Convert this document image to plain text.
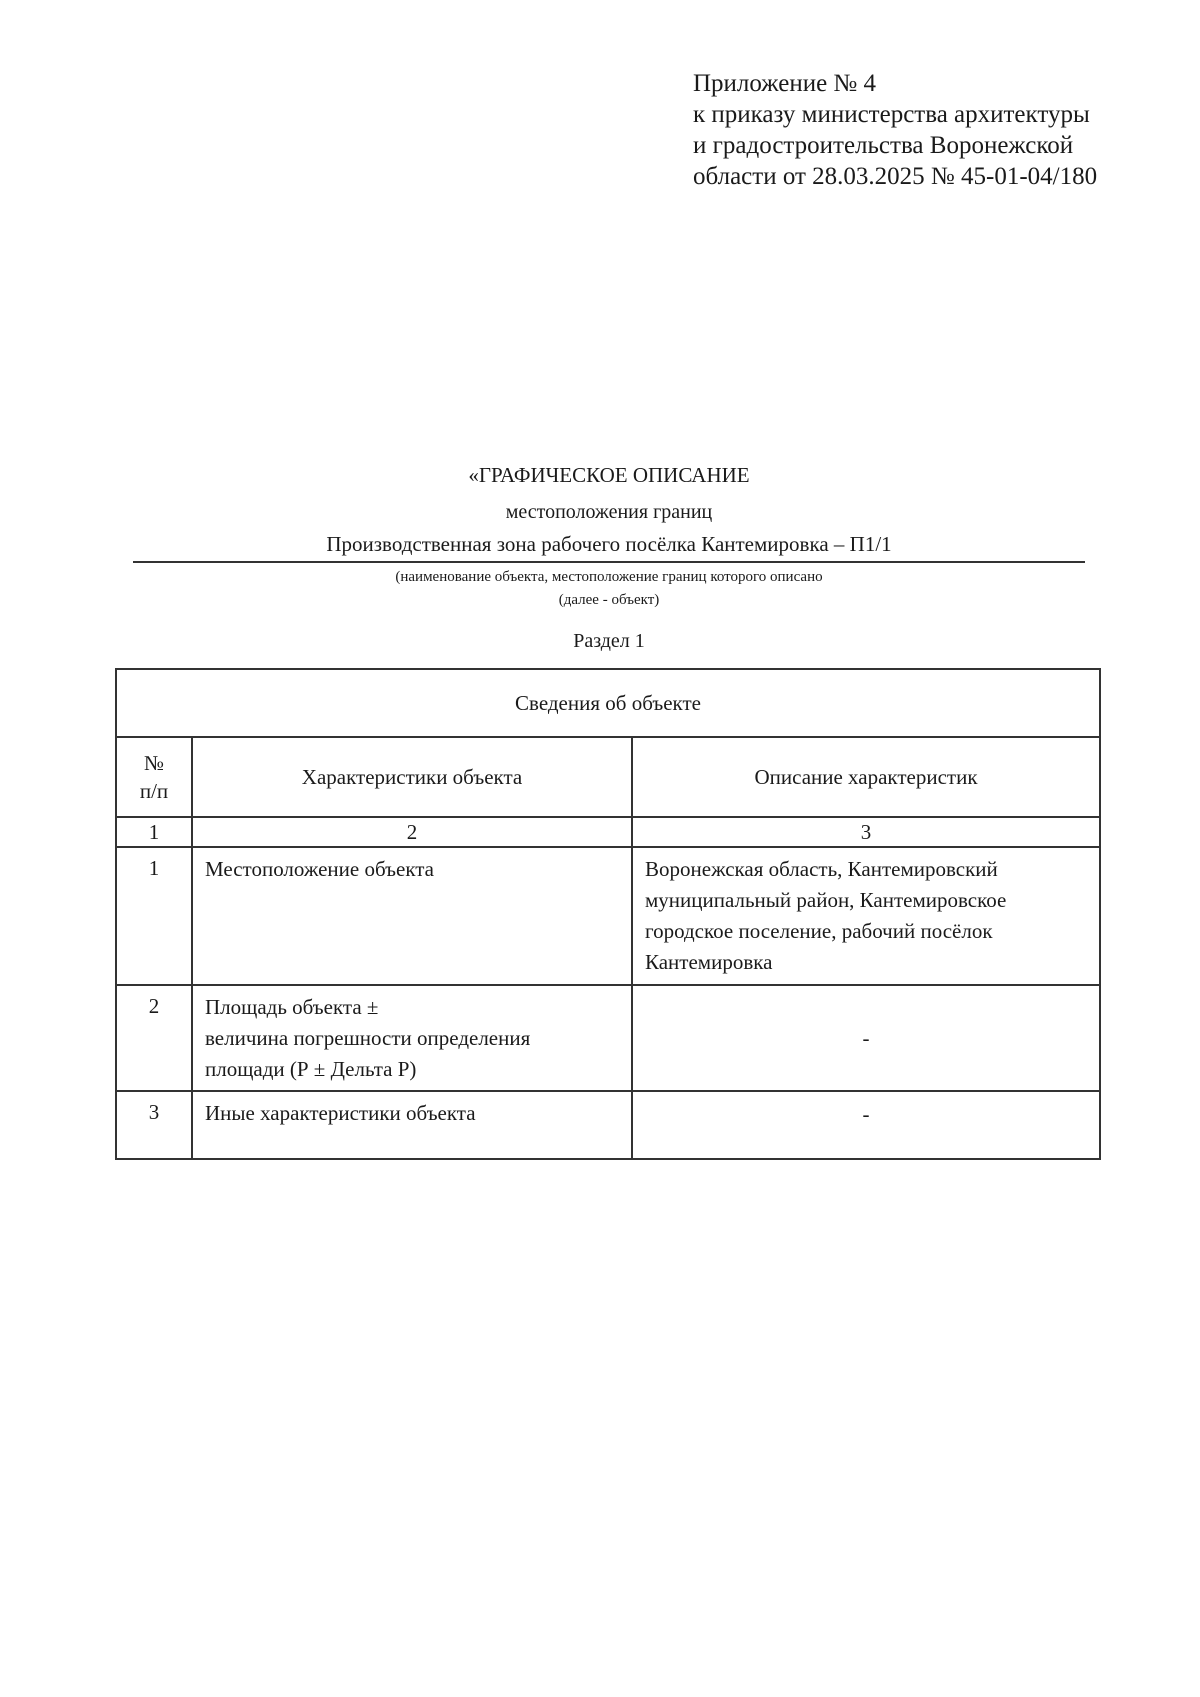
Приложение № 4
к приказу министерства архитектуры
и градостроительства Воронежской
области от 28.03.2025 № 45-01-04/180
«ГРАФИЧЕСКОЕ ОПИСАНИЕ
местоположения границ
Производственная зона рабочего посёлка Кантемировка – П1/1
(наименование объекта, местоположение границ которого описано
(далее - объект)
Раздел 1
Сведения об объекте		

№
п/п	Характеристики объекта	Описание характеристик
1	2	3
1	Местоположение объекта	Воронежская область, Кантемировский
муниципальный район, Кантемировское
городское поселение, рабочий посёлок
Кантемировка

2	Площадь объекта ±
величина погрешности определения
площади (Р ± Дельта Р)	-
3	Иные характеристики объекта	-
